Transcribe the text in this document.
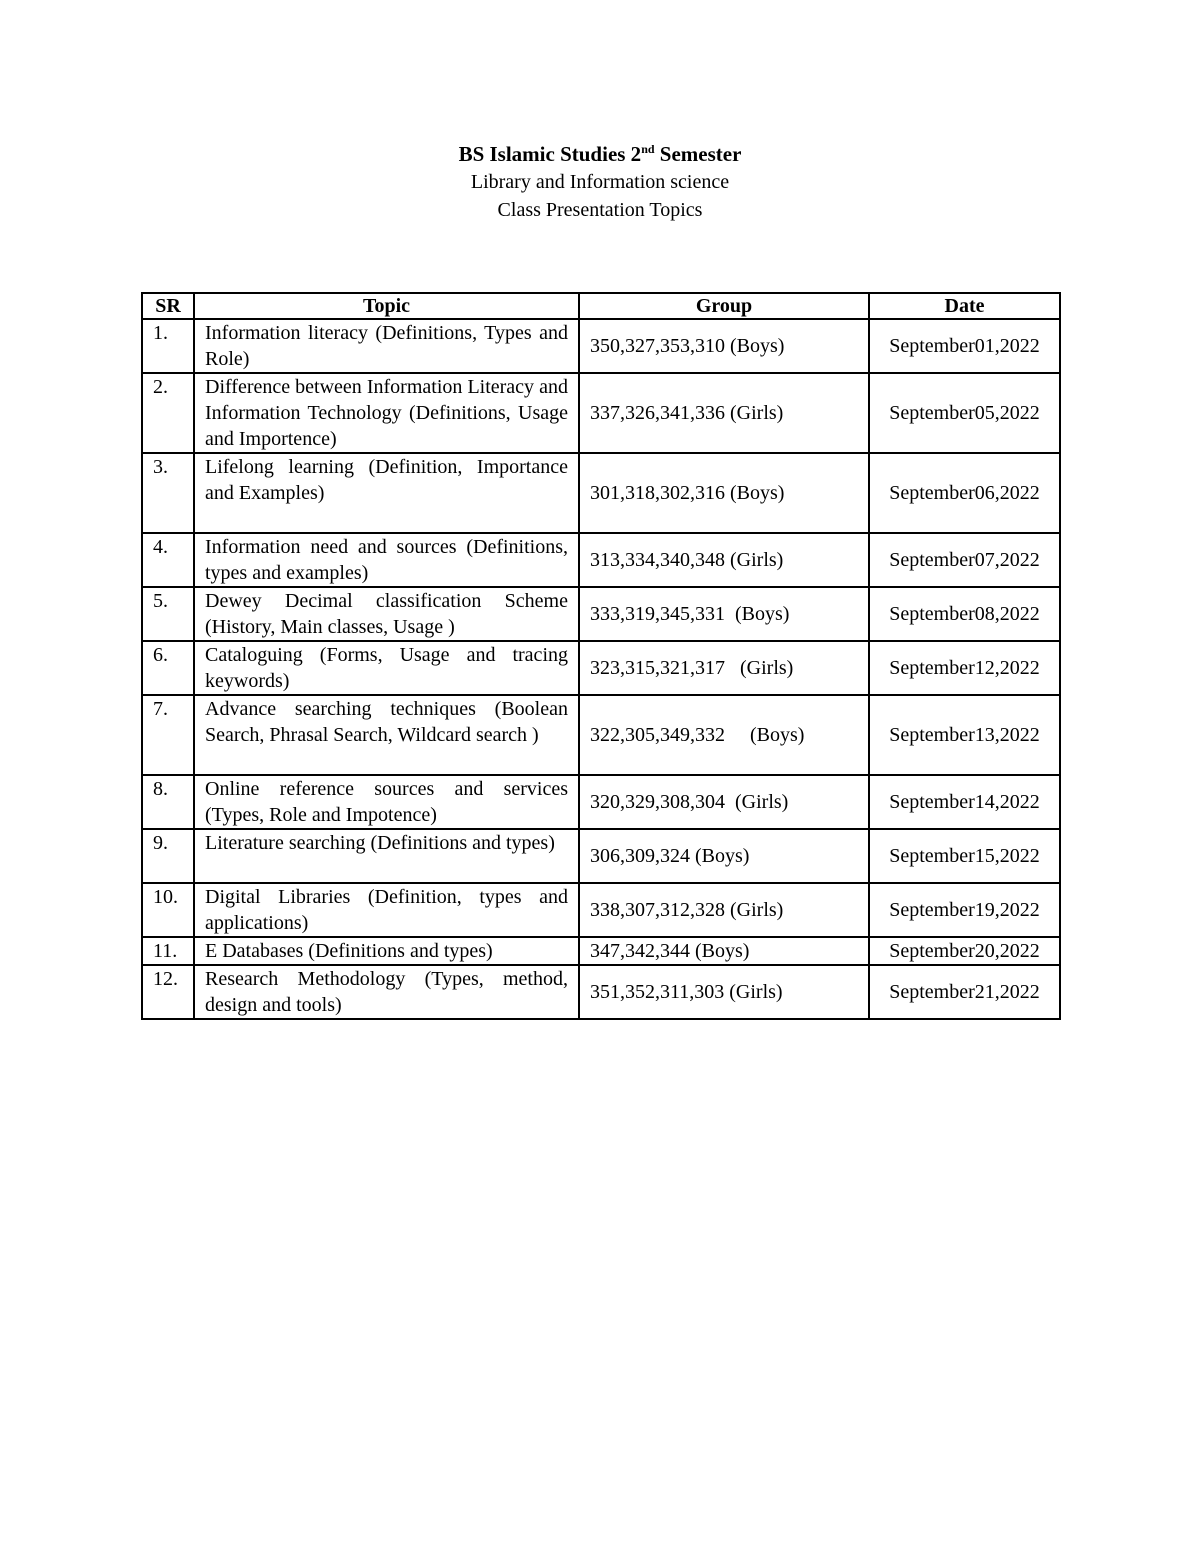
BS Islamic Studies 2nd Semester
Library and Information science
Class Presentation Topics
SR	Topic	Group	Date
1.	Information literacy (Definitions, Types and Role)	350,327,353,310 (Boys)	September01,2022
2.	Difference between Information Literacy and Information Technology (Definitions, Usage and Importence)	337,326,341,336 (Girls)	September05,2022
3.	Lifelong learning (Definition, Importance and Examples)	301,318,302,316 (Boys)	September06,2022
4.	Information need and sources (Definitions, types and examples)	313,334,340,348 (Girls)	September07,2022
5.	Dewey Decimal classification Scheme (History, Main classes, Usage )	333,319,345,331  (Boys)	September08,2022
6.	Cataloguing (Forms, Usage and tracing keywords)	323,315,321,317   (Girls)	September12,2022
7.	Advance searching techniques (Boolean Search, Phrasal Search, Wildcard search )	322,305,349,332     (Boys)	September13,2022
8.	Online reference sources and services (Types, Role and Impotence)	320,329,308,304  (Girls)	September14,2022
9.	Literature searching (Definitions and types)	306,309,324 (Boys)	September15,2022
10.	Digital Libraries (Definition, types and applications)	338,307,312,328 (Girls)	September19,2022
11.	E Databases (Definitions and types)	347,342,344 (Boys)	September20,2022
12.	Research Methodology (Types, method, design and tools)	351,352,311,303 (Girls)	September21,2022
